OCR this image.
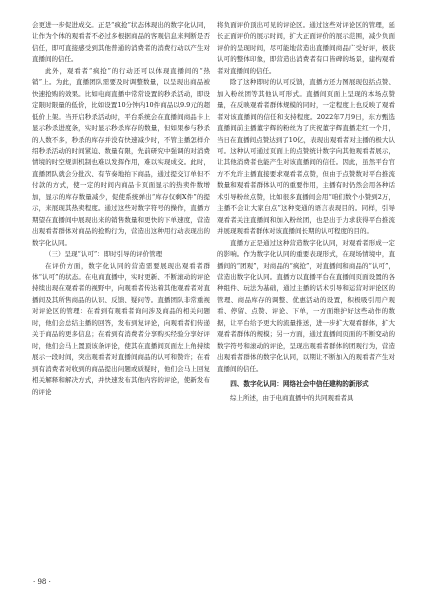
会更进一步促进成交。正是“疯抢”状态体现出的数字化认同，让作为个体的观看者不必过多根据商品的客观信息来判断是否信任，即可直接感受到其他普通的消费者的消费行动以产生对直播间的信任。

此外，观看者“疯抢”的行动还可以体现直播间的“热销”上。为此，直播团队需要及时调整数量，以呈现出商品被快速抢购的效果。比如电商直播中常常设置的秒杀活动，即设定限时限量的低价，比如设置10分钟内10件商品以9.9元的超低价上架。当开启秒杀活动时，平台系统会在直播间商品卡上显示秒杀进度条，实时显示秒杀库存的数量，但如果参与秒杀的人数不多，秒杀的库存并没有快速减少时，不管主播怎样介绍秒杀活动的时间紧迫、数量有限，先前研究中强调的对消费情境的时空规训机制也难以发挥作用，难以实现成交。此时，直播团队就会分批次、有节奏地拍下商品，通过提交订单但不付款的方式，使一定的时间内商品卡页面显示的热卖件数增加，显示的库存数量减少，促使系统弹出“库存仅剩X件”的提示，来展现其热卖程度。通过这些对数字符号的操作，直播方期望在直播间中展现出来的销售数量和更快的下单速度，营造出观看者群体对商品的抢购行为，营造出这种用行动表现出的数字化认同。

（三）呈现“认可”：即时引导的评价管理

在评价方面，数字化认同的营造需要展现出观看者群体“认可”的状态。在电商直播中，实时更新、不断滚动的评论持续出现在观看者的视野中，向观看者传达着其他观看者对直播间及其所售商品的认识、反馈、疑问等。直播团队非常重视对评论区的管理：在看到有观看者询问涉及商品的相关问题时，他们会总结主播的回答，发布到复评论，向观看者们传递关于商品的更多信息；在看到有消费者分享购买经验分享好评时，他们会马上置顶该条评论，使其在直播间页面左上角持续展示一段时间，突出观看者对直播间商品的认可和赞许；在看到有消费者对收到的商品提出问题或质疑时，他们会马上回复相关解释和解决方式，并快速发布其他内容的评论，使新发布的评论

将负面评价顶出可见的评论区。通过这些对评论区的管理，延长正面评价的展示时间，扩大正面评价的展示范围，减少负面评价的呈现时间，尽可能地营造出直播间商品广受好评，极获认可的整体印象，即营造出消费者有口皆碑的场景，建构观看者对直播间的信任。

除了这种即时的认可反馈，直播方还力图展现包括点赞、加入粉丝团等其他认可形式。直播间页面上呈现的本场点赞量，在反映观看者群体规模的同时，一定程度上也反映了观看者对该直播间的信任和支持程度。2022年7月9日，东方甄选直播间前主播董宇辉的粉丝为了庆祝董宇辉直播走红一个月，当日在直播间点赞达到了10亿，表现出观看者对主播的极大认可。这种认可通过页面上的点赞统计数字向其他观看者展示，让其他消费者也能产生对该直播间的信任。因此，虽然平台官方不允许主播直接要求观看者点赞，但由于点赞数对平台推流数量和观看者群体认可的重要作用，主播有时仍然会用各种话术引导粉丝点赞，比如很多直播间会用“咱们数个小赞到2万，主播不会让大家白点”这种变通的语言表现目的。同样，引导观看者关注直播间和加入粉丝团，也是出于力求获得平台推流并展现观看者群体对该直播间长期的认可程度的目的。

直播方正是通过这种营造数字化认同，对观看者形成一定的影响。作为数字化认同的重要表现形式，在现场情境中，直播间的“团观”，对商品的“疯抢”，对直播间和商品的“认可”，营造出数字化认同。直播方以直播平台在直播间页面设置的各种组件、玩法为基础，通过主播的话术引导和运营对评论区的管理、商品库存的调整、优惠活动的设置，积极吸引用户观看、停留、点赞、评论、下单，一方面维护好这些动作的数据，让平台给予更大的流量推送，进一步扩大观看群体，扩大观看者群体的规模；另一方面，通过直播间页面的不断变动的数字符号和滚动的评论，呈现出观看者群体的团观行为，营造出观看者群体的数字化认同，以期让不断加入的观看者产生对直播间的信任。

四、数字化认同：网络社会中信任建构的新形式

综上所述，由于电商直播中的共同观看者具

· 98 ·
